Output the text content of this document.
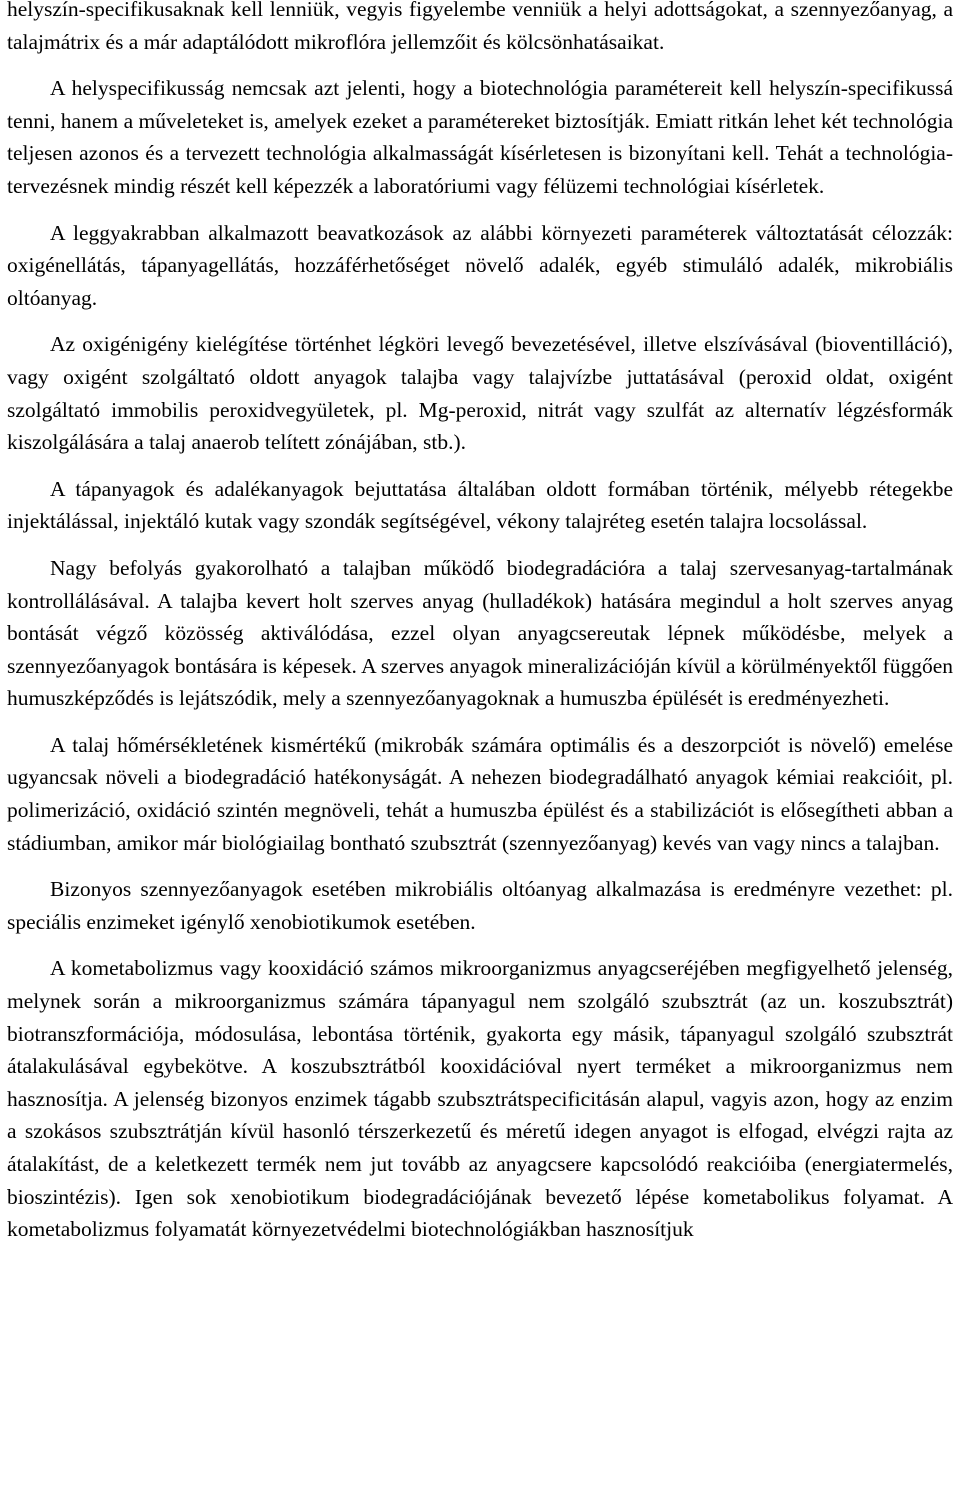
helyszín-specifikusaknak kell lenniük, vegyis figyelembe venniük a helyi adottságokat, a szennyezőanyag, a talajmátrix és a már adaptálódott mikroflóra jellemzőit és kölcsönhatásaikat.

A helyspecifikusság nemcsak azt jelenti, hogy a biotechnológia paramétereit kell helyszín-specifikussá tenni, hanem a műveleteket is, amelyek ezeket a paramétereket biztosítják. Emiatt ritkán lehet két technológia teljesen azonos és a tervezett technológia alkalmasságát kísérletesen is bizonyítani kell. Tehát a technológia-tervezésnek mindig részét kell képezzék a laboratóriumi vagy félüzemi technológiai kísérletek.

A leggyakrabban alkalmazott beavatkozások az alábbi környezeti paraméterek változtatását célozzák: oxigénellátás, tápanyagellátás, hozzáférhetőséget növelő adalék, egyéb stimuláló adalék, mikrobiális oltóanyag.

Az oxigénigény kielégítése történhet légköri levegő bevezetésével, illetve elszívásával (bioventilláció), vagy oxigént szolgáltató oldott anyagok talajba vagy talajvízbe juttatásával (peroxid oldat, oxigént szolgáltató immobilis peroxidvegyületek, pl. Mg-peroxid, nitrát vagy szulfát az alternatív légzésformák kiszolgálására a talaj anaerob telített zónájában, stb.).

A tápanyagok és adalékanyagok bejuttatása általában oldott formában történik, mélyebb rétegekbe injektálással, injektáló kutak vagy szondák segítségével, vékony talajréteg esetén talajra locsolással.

Nagy befolyás gyakorolható a talajban működő biodegradációra a talaj szervesanyag-tartalmának kontrollálásával. A talajba kevert holt szerves anyag (hulladékok) hatására megindul a holt szerves anyag bontását végző közösség aktiválódása, ezzel olyan anyagcsereutak lépnek működésbe, melyek a szennyezőanyagok bontására is képesek. A szerves anyagok mineralizációján kívül a körülményektől függően humuszképződés is lejátszódik, mely a szennyezőanyagoknak a humuszba épülését is eredményezheti.

A talaj hőmérsékletének kismértékű (mikrobák számára optimális és a deszorpciót is növelő) emelése ugyancsak növeli a biodegradáció hatékonyságát. A nehezen biodegradálható anyagok kémiai reakcióit, pl. polimerizáció, oxidáció szintén megnöveli, tehát a humuszba épülést és a stabilizációt is elősegítheti abban a stádiumban, amikor már biológiailag bontható szubsztrát (szennyezőanyag) kevés van vagy nincs a talajban.

Bizonyos szennyezőanyagok esetében mikrobiális oltóanyag alkalmazása is eredményre vezethet: pl. speciális enzimeket igénylő xenobiotikumok esetében.

A kometabolizmus vagy kooxidáció számos mikroorganizmus anyagcseréjében megfigyelhető jelenség, melynek során a mikroorganizmus számára tápanyagul nem szolgáló szubsztrát (az un. koszubsztrát) biotranszformációja, módosulása, lebontása történik, gyakorta egy másik, tápanyagul szolgáló szubsztrát átalakulásával egybekötve. A koszubsztrátból kooxidációval nyert terméket a mikroorganizmus nem hasznosítja. A jelenség bizonyos enzimek tágabb szubsztrátspecificitásán alapul, vagyis azon, hogy az enzim a szokásos szubsztrátján kívül hasonló térszerkezetű és méretű idegen anyagot is elfogad, elvégzi rajta az átalakítást, de a keletkezett termék nem jut tovább az anyagcsere kapcsolódó reakcióiba (energiatermelés, bioszintézis). Igen sok xenobiotikum biodegradációjának bevezető lépése kometabolikus folyamat. A kometabolizmus folyamatát környezetvédelmi biotechnológiákban hasznosítjuk
